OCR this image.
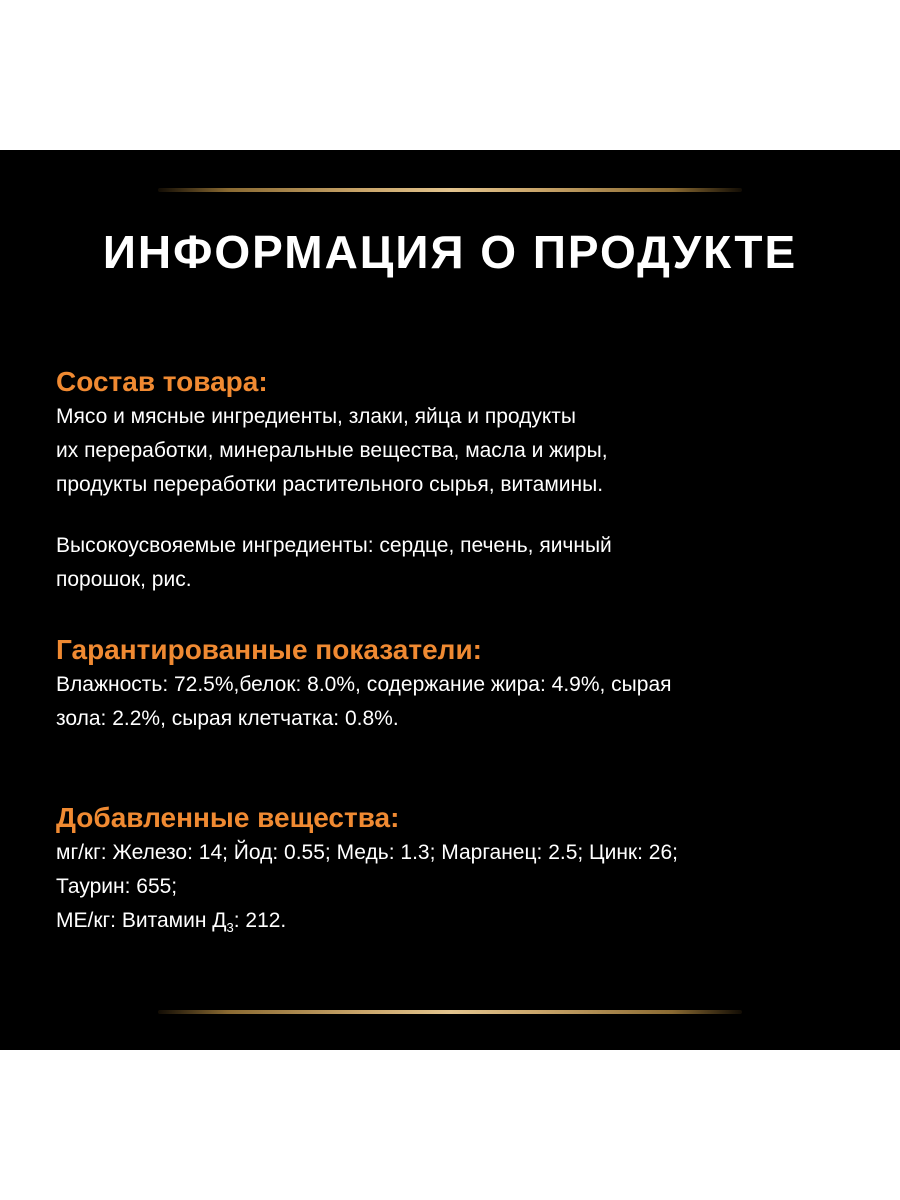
ИНФОРМАЦИЯ О ПРОДУКТЕ
Состав товара:
Мясо и мясные ингредиенты, злаки, яйца и продукты
их переработки, минеральные вещества, масла и жиры,
продукты переработки растительного сырья, витамины.
Высокоусвояемые ингредиенты: сердце, печень, яичный
порошок, рис.
Гарантированные показатели:
Влажность: 72.5%,белок: 8.0%, содержание жира: 4.9%, сырая
зола: 2.2%, сырая клетчатка: 0.8%.
Добавленные вещества:
мг/кг: Железо: 14; Йод: 0.55; Медь: 1.3; Марганец: 2.5; Цинк: 26;
Таурин: 655;
МЕ/кг: Витамин $Д_3$: 212.
